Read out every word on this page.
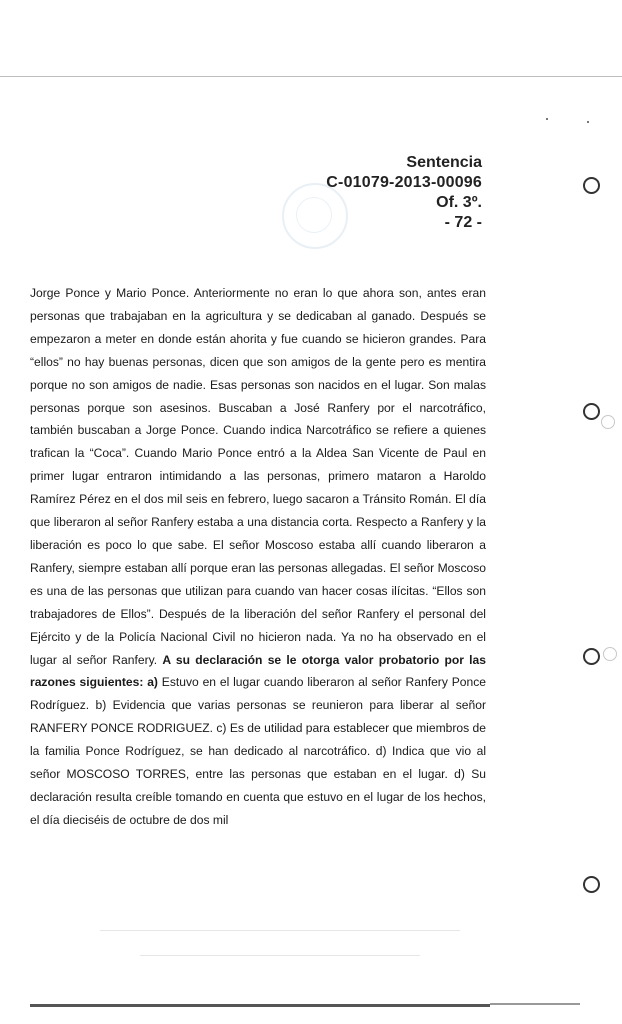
Sentencia
C-01079-2013-00096
Of. 3º.
- 72 -

Jorge Ponce y Mario Ponce. Anteriormente no eran lo que ahora son, antes eran personas que trabajaban en la agricultura y se dedicaban al ganado. Después se empezaron a meter en donde están ahorita y fue cuando se hicieron grandes. Para “ellos” no hay buenas personas, dicen que son amigos de la gente pero es mentira porque no son amigos de nadie. Esas personas son nacidos en el lugar. Son malas personas porque son asesinos. Buscaban a José Ranfery por el narcotráfico, también buscaban a Jorge Ponce. Cuando indica Narcotráfico se refiere a quienes trafican la “Coca”. Cuando Mario Ponce entró a la Aldea San Vicente de Paul en primer lugar entraron intimidando a las personas, primero mataron a Haroldo Ramírez Pérez en el dos mil seis en febrero, luego sacaron a Tránsito Román. El día que liberaron al señor Ranfery estaba a una distancia corta. Respecto a Ranfery y la liberación es poco lo que sabe. El señor Moscoso estaba allí cuando liberaron a Ranfery, siempre estaban allí porque eran las personas allegadas. El señor Moscoso es una de las personas que utilizan para cuando van hacer cosas ilícitas. “Ellos son trabajadores de Ellos”. Después de la liberación del señor Ranfery el personal del Ejército y de la Policía Nacional Civil no hicieron nada. Ya no ha observado en el lugar al señor Ranfery. A su declaración se le otorga valor probatorio por las razones siguientes: a) Estuvo en el lugar cuando liberaron al señor Ranfery Ponce Rodríguez. b) Evidencia que varias personas se reunieron para liberar al señor RANFERY PONCE RODRIGUEZ. c) Es de utilidad para establecer que miembros de la familia Ponce Rodríguez, se han dedicado al narcotráfico. d) Indica que vio al señor MOSCOSO TORRES, entre las personas que estaban en el lugar. d) Su declaración resulta creíble tomando en cuenta que estuvo en el lugar de los hechos, el día dieciséis de octubre de dos mil
